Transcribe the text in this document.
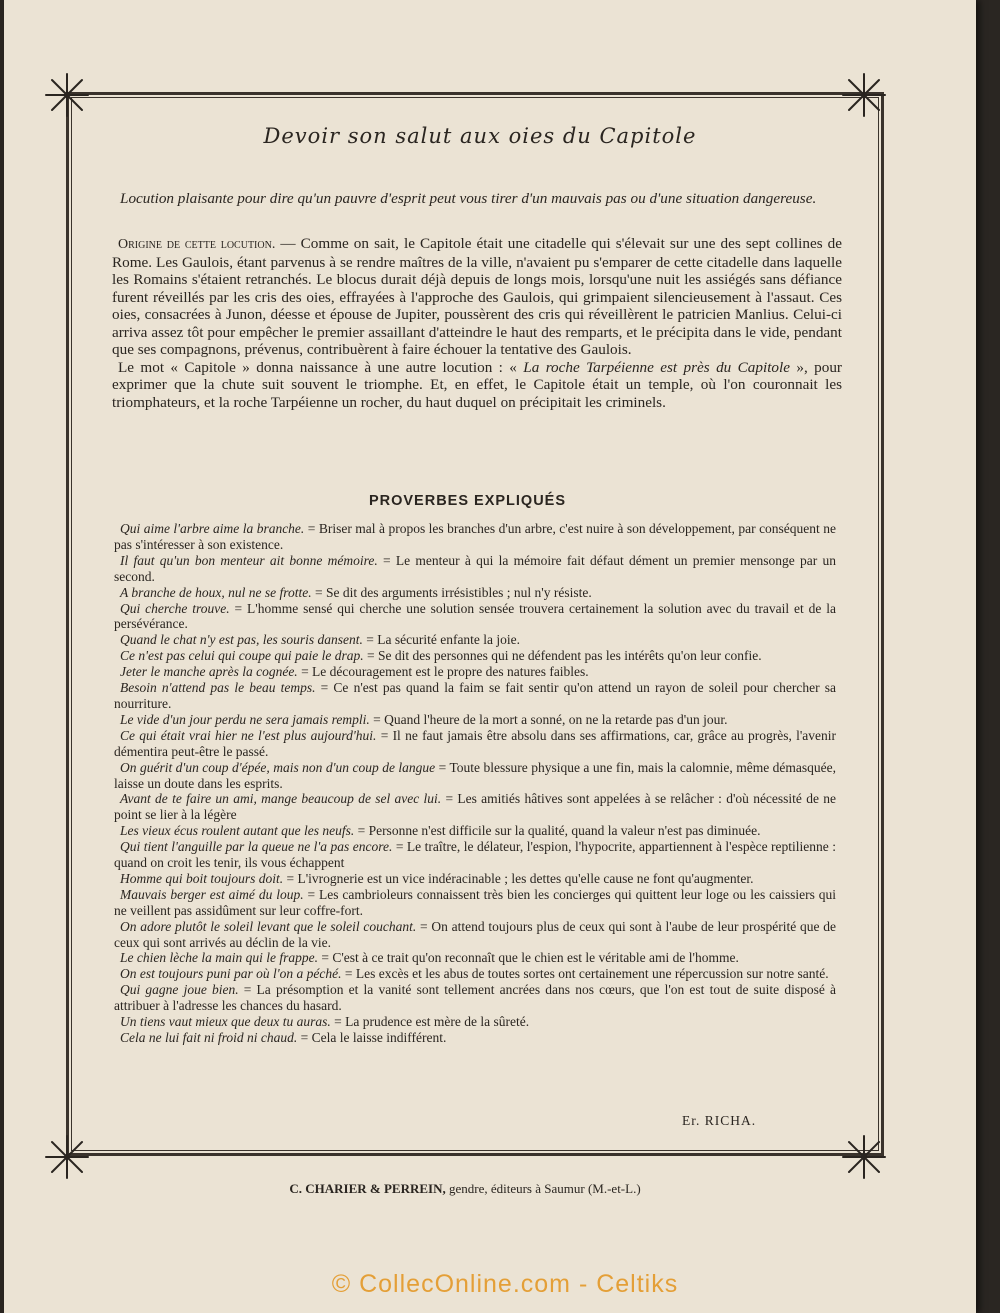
Devoir son salut aux oies du Capitole
Locution plaisante pour dire qu'un pauvre d'esprit peut vous tirer d'un mauvais pas ou d'une situation dangereuse.

Origine de cette locution. — Comme on sait, le Capitole était une citadelle qui s'élevait sur une des sept collines de Rome. Les Gaulois, étant parvenus à se rendre maîtres de la ville, n'avaient pu s'emparer de cette citadelle dans laquelle les Romains s'étaient retranchés. Le blocus durait déjà depuis de longs mois, lorsqu'une nuit les assiégés sans défiance furent réveillés par les cris des oies, effrayées à l'approche des Gaulois, qui grimpaient silencieusement à l'assaut. Ces oies, consacrées à Junon, déesse et épouse de Jupiter, poussèrent des cris qui réveillèrent le patricien Manlius. Celui-ci arriva assez tôt pour empêcher le premier assaillant d'atteindre le haut des remparts, et le précipita dans le vide, pendant que ses compagnons, prévenus, contribuèrent à faire échouer la tentative des Gaulois.

Le mot « Capitole » donna naissance à une autre locution : « La roche Tarpéienne est près du Capitole », pour exprimer que la chute suit souvent le triomphe. Et, en effet, le Capitole était un temple, où l'on couronnait les triomphateurs, et la roche Tarpéienne un rocher, du haut duquel on précipitait les criminels.

PROVERBES EXPLIQUÉS

Qui aime l'arbre aime la branche. = Briser mal à propos les branches d'un arbre, c'est nuire à son développement, par conséquent ne pas s'intéresser à son existence.

Il faut qu'un bon menteur ait bonne mémoire. = Le menteur à qui la mémoire fait défaut dément un premier mensonge par un second.

A branche de houx, nul ne se frotte. = Se dit des arguments irrésistibles ; nul n'y résiste.

Qui cherche trouve. = L'homme sensé qui cherche une solution sensée trouvera certainement la solution avec du travail et de la persévérance.

Quand le chat n'y est pas, les souris dansent. = La sécurité enfante la joie.

Ce n'est pas celui qui coupe qui paie le drap. = Se dit des personnes qui ne défendent pas les intérêts qu'on leur confie.

Jeter le manche après la cognée. = Le découragement est le propre des natures faibles.

Besoin n'attend pas le beau temps. = Ce n'est pas quand la faim se fait sentir qu'on attend un rayon de soleil pour chercher sa nourriture.

Le vide d'un jour perdu ne sera jamais rempli. = Quand l'heure de la mort a sonné, on ne la retarde pas d'un jour.

Ce qui était vrai hier ne l'est plus aujourd'hui. = Il ne faut jamais être absolu dans ses affirmations, car, grâce au progrès, l'avenir démentira peut-être le passé.

On guérit d'un coup d'épée, mais non d'un coup de langue = Toute blessure physique a une fin, mais la calomnie, même démasquée, laisse un doute dans les esprits.

Avant de te faire un ami, mange beaucoup de sel avec lui. = Les amitiés hâtives sont appelées à se relâcher : d'où nécessité de ne point se lier à la légère

Les vieux écus roulent autant que les neufs. = Personne n'est difficile sur la qualité, quand la valeur n'est pas diminuée.

Qui tient l'anguille par la queue ne l'a pas encore. = Le traître, le délateur, l'espion, l'hypocrite, appartiennent à l'espèce reptilienne : quand on croit les tenir, ils vous échappent

Homme qui boit toujours doit. = L'ivrognerie est un vice indéracinable ; les dettes qu'elle cause ne font qu'augmenter.

Mauvais berger est aimé du loup. = Les cambrioleurs connaissent très bien les concierges qui quittent leur loge ou les caissiers qui ne veillent pas assidûment sur leur coffre-fort.

On adore plutôt le soleil levant que le soleil couchant. = On attend toujours plus de ceux qui sont à l'aube de leur prospérité que de ceux qui sont arrivés au déclin de la vie.

Le chien lèche la main qui le frappe. = C'est à ce trait qu'on reconnaît que le chien est le véritable ami de l'homme.

On est toujours puni par où l'on a péché. = Les excès et les abus de toutes sortes ont certainement une répercussion sur notre santé.

Qui gagne joue bien. = La présomption et la vanité sont tellement ancrées dans nos cœurs, que l'on est tout de suite disposé à attribuer à l'adresse les chances du hasard.

Un tiens vaut mieux que deux tu auras. = La prudence est mère de la sûreté.

Cela ne lui fait ni froid ni chaud. = Cela le laisse indifférent.

Er. RICHA.
C. CHARIER & PERREIN, gendre, éditeurs à Saumur (M.-et-L.)
© CollecOnline.com - Celtiks
